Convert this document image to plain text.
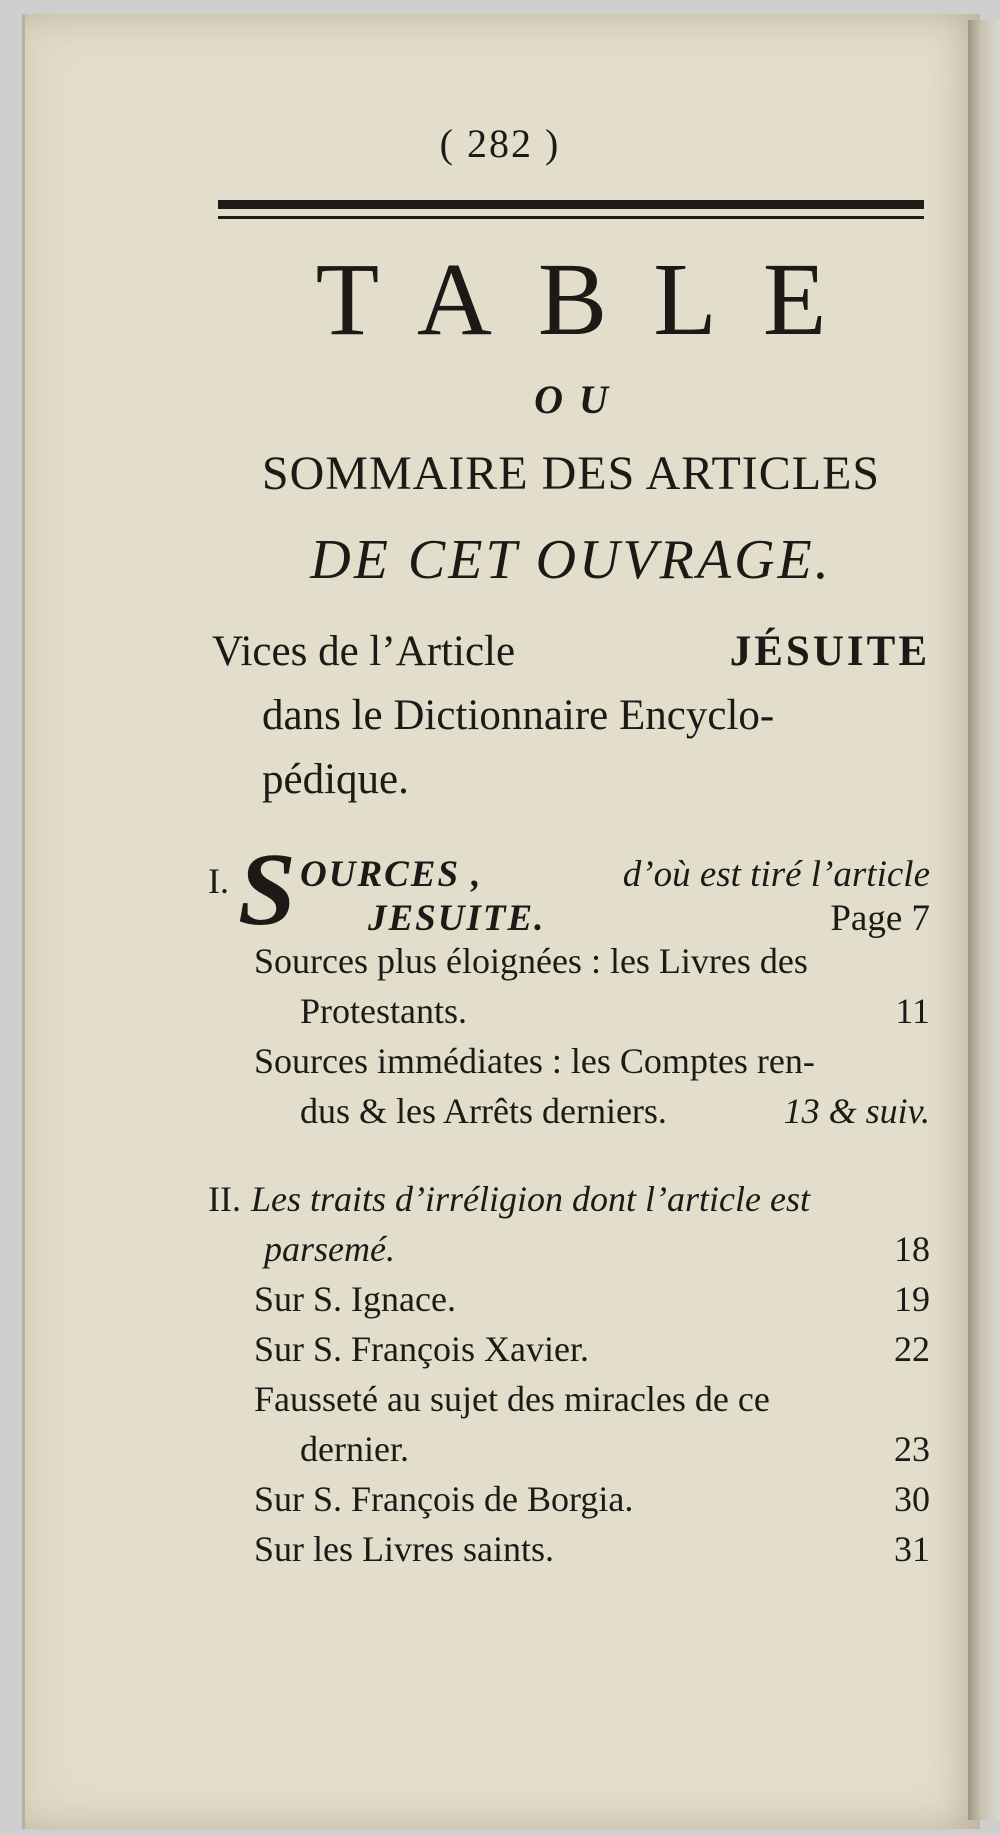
( 282 )
TABLE
OU
SOMMAIRE DES ARTICLES
DE CET OUVRAGE.
Vices de l’Article	JÉSUITE
dans le Dictionnaire Encyclo-
pédique.
I. S OURCES ,	d’où est tiré l’article
JESUITE.	Page 7
Sources plus éloignées : les Livres des
Protestants.	11
Sources immédiates : les Comptes ren-
dus & les Arrêts derniers.	13 & suiv.
II. Les traits d’irréligion dont l’article est
parsemé.	18
Sur S. Ignace.	19
Sur S. François Xavier.	22
Fausseté au sujet des miracles de ce
dernier.	23
Sur S. François de Borgia.	30
Sur les Livres saints.	31
